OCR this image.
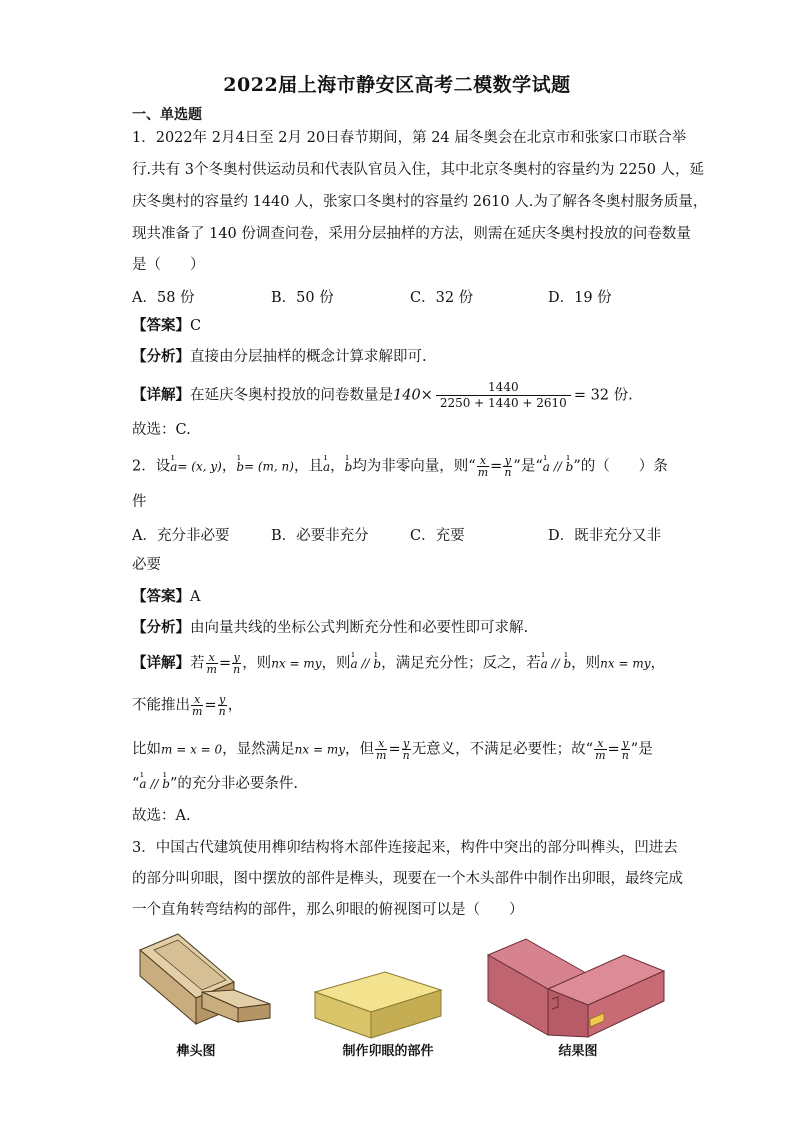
2022届上海市静安区高考二模数学试题
一、单选题
1．2022年 2月4日至 2月 20日春节期间，第 24 届冬奥会在北京市和张家口市联合举
行.共有 3个冬奥村供运动员和代表队官员入住，其中北京冬奥村的容量约为 2250 人，延
庆冬奥村的容量约 1440 人，张家口冬奥村的容量约 2610 人.为了解各冬奥村服务质量，
现共准备了 140 份调查问卷，采用分层抽样的方法，则需在延庆冬奥村投放的问卷数量
是（　　）
A．58 份	B．50 份	C．32 份	D．19 份
【答案】C
【分析】直接由分层抽样的概念计算求解即可.
【详解】在延庆冬奥村投放的问卷数量是$140\times \frac{1440}{2250 + 1440 + 2610} = 32$ 份.
故选：C.
2．设ı a= (x, y)，ı b= (m, n)，且ı a，ı b均为非零向量，则“ $\frac{x}{m} = \frac{y}{n}$ ”是“ı a // ı b”的（　　）条
件
A．充分非必要	B．必要非充分	C．充要	D．既非充分又非
必要
【答案】A
【分析】由向量共线的坐标公式判断充分性和必要性即可求解.
【详解】若 $\frac{x}{m} = \frac{y}{n}$ ，则nx = my，则ı a // ı b，满足充分性；反之，若ı a // ı b，则nx = my，
不能推出 $\frac{x}{m} = \frac{y}{n}$ ，
比如m = x = 0，显然满足nx = my，但 $\frac{x}{m} = \frac{y}{n}$ 无意义，不满足必要性；故“ $\frac{x}{m} = \frac{y}{n}$ ”是
“ı a // ı b”的充分非必要条件.
故选：A.
3．中国古代建筑使用榫卯结构将木部件连接起来，构件中突出的部分叫榫头，凹进去
的部分叫卯眼，图中摆放的部件是榫头，现要在一个木头部件中制作出卯眼，最终完成
一个直角转弯结构的部件，那么卯眼的俯视图可以是（　　）
榫头图	制作卯眼的部件	结果图
